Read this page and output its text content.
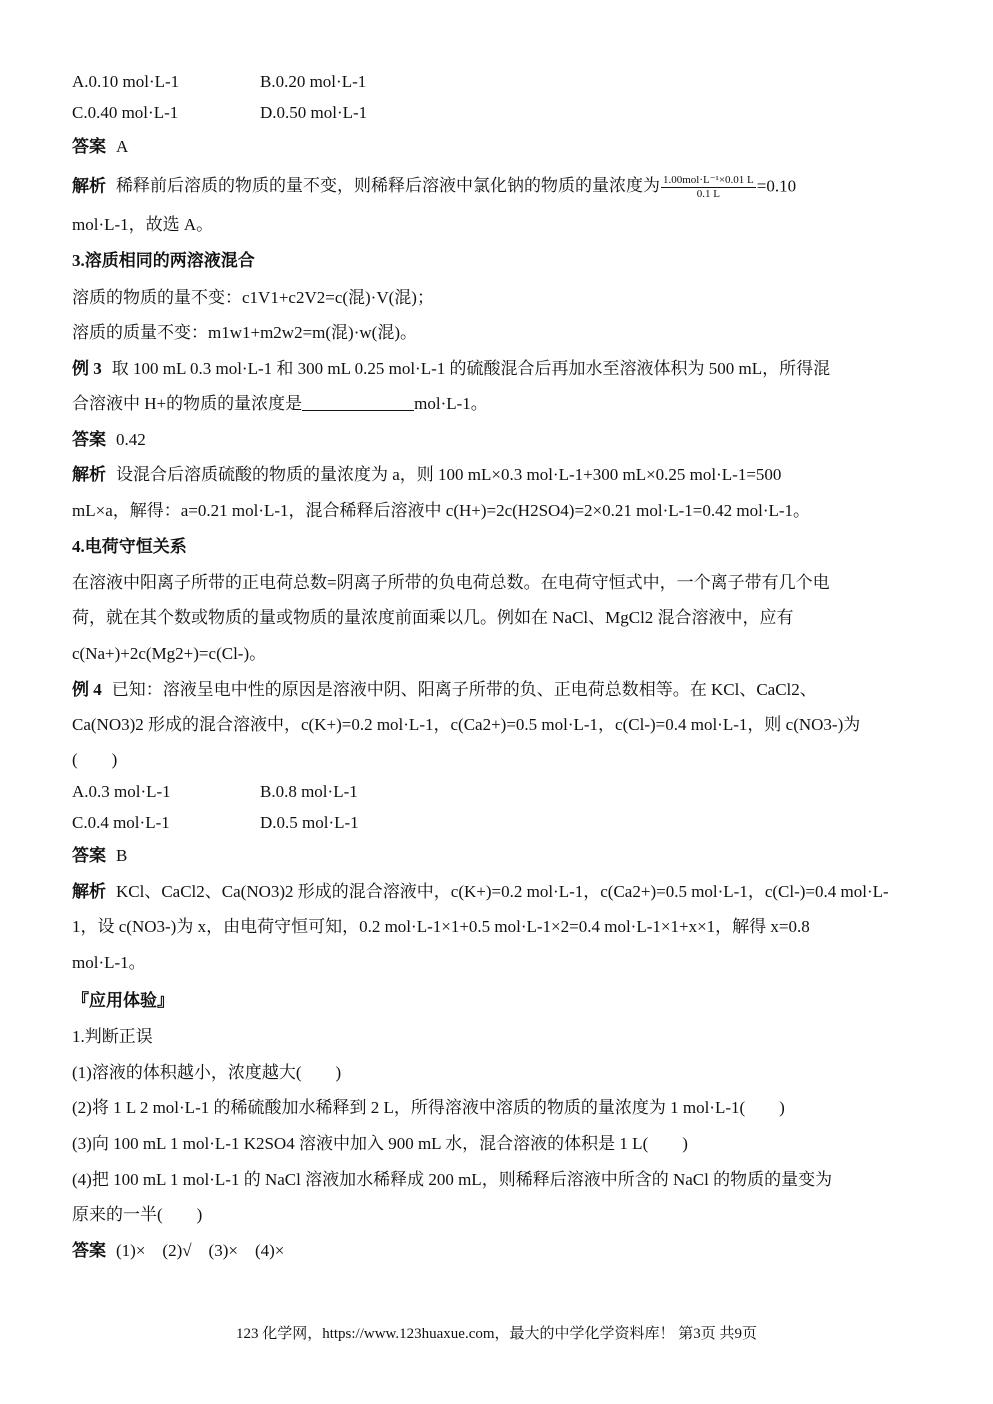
A.0.10 mol·L-1	B.0.20 mol·L-1
C.0.40 mol·L-1	D.0.50 mol·L-1
答案 A
解析 稀释前后溶质的物质的量不变，则稀释后溶液中氯化钠的物质的量浓度为 $\frac{\text{1.00mol·L⁻¹×0.01 L}}{0.1 L} =0.10$
mol·L-1，故选 A。
3.溶质相同的两溶液混合
溶质的物质的量不变：c1V1+c2V2=c(混)·V(混)；
溶质的质量不变：m1w1+m2w2=m(混)·w(混)。
例 3 取 100 mL 0.3 mol·L-1 和 300 mL 0.25 mol·L-1 的硫酸混合后再加水至溶液体积为 500 mL，所得混
合溶液中 H+的物质的量浓度是	mol·L-1。
答案 0.42
解析 设混合后溶质硫酸的物质的量浓度为 a，则 100 mL×0.3 mol·L-1+300 mL×0.25 mol·L-1=500
mL×a，解得：a=0.21 mol·L-1，混合稀释后溶液中 c(H+)=2c(H2SO4)=2×0.21 mol·L-1=0.42 mol·L-1。
4.电荷守恒关系
在溶液中阳离子所带的正电荷总数=阴离子所带的负电荷总数。在电荷守恒式中，一个离子带有几个电
荷，就在其个数或物质的量或物质的量浓度前面乘以几。例如在 NaCl、MgCl2 混合溶液中，应有
c(Na+)+2c(Mg2+)=c(Cl-)。
例 4 已知：溶液呈电中性的原因是溶液中阴、阳离子所带的负、正电荷总数相等。在 KCl、CaCl2、
Ca(NO3)2 形成的混合溶液中，c(K+)=0.2 mol·L-1，c(Ca2+)=0.5 mol·L-1，c(Cl-)=0.4 mol·L-1，则 c(NO3-)为
(　　)
A.0.3 mol·L-1	B.0.8 mol·L-1
C.0.4 mol·L-1	D.0.5 mol·L-1
答案 B
解析 KCl、CaCl2、Ca(NO3)2 形成的混合溶液中，c(K+)=0.2 mol·L-1，c(Ca2+)=0.5 mol·L-1，c(Cl-)=0.4 mol·L-
1，设 c(NO3-)为 x，由电荷守恒可知，0.2 mol·L-1×1+0.5 mol·L-1×2=0.4 mol·L-1×1+x×1，解得 x=0.8
mol·L-1。
『应用体验』
1.判断正误
(1)溶液的体积越小，浓度越大(　　)
(2)将 1 L 2 mol·L-1 的稀硫酸加水稀释到 2 L，所得溶液中溶质的物质的量浓度为 1 mol·L-1(　　)
(3)向 100 mL 1 mol·L-1 K2SO4 溶液中加入 900 mL 水，混合溶液的体积是 1 L(　　)
(4)把 100 mL 1 mol·L-1 的 NaCl 溶液加水稀释成 200 mL，则稀释后溶液中所含的 NaCl 的物质的量变为
原来的一半(　　)
答案 (1)×　(2)√　(3)×　(4)×
123 化学网，https://www.123huaxue.com，最大的中学化学资料库！ 第3页 共9页
